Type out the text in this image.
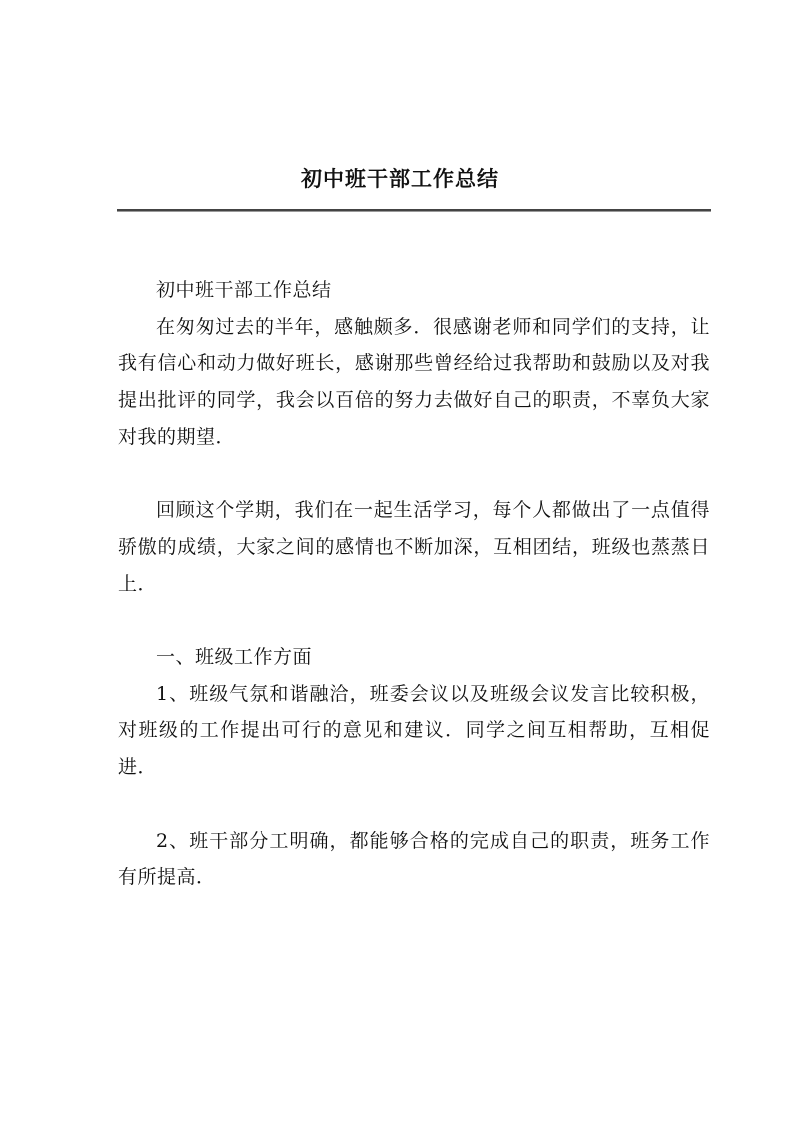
初中班干部工作总结

初中班干部工作总结

在匆匆过去的半年，感触颇多．很感谢老师和同学们的支持，让我有信心和动力做好班长，感谢那些曾经给过我帮助和鼓励以及对我提出批评的同学，我会以百倍的努力去做好自己的职责，不辜负大家对我的期望．

回顾这个学期，我们在一起生活学习，每个人都做出了一点值得骄傲的成绩，大家之间的感情也不断加深，互相团结，班级也蒸蒸日上．

一、班级工作方面

1、班级气氛和谐融洽，班委会议以及班级会议发言比较积极，对班级的工作提出可行的意见和建议．同学之间互相帮助，互相促进．

2、班干部分工明确，都能够合格的完成自己的职责，班务工作有所提高．
